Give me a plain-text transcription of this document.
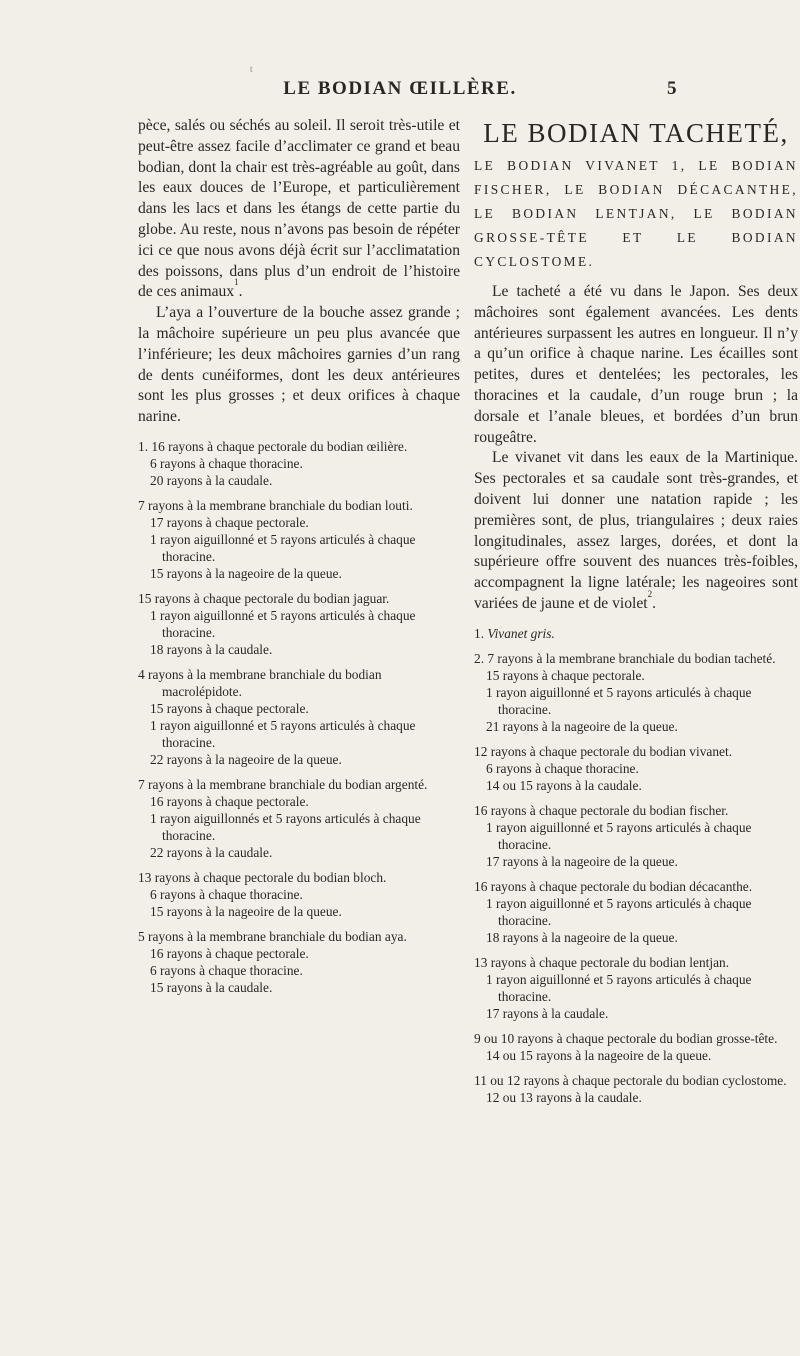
LE BODIAN ŒILLÈRE.	5
t

pèce, salés ou séchés au soleil. Il seroit très-utile et peut-être assez facile d’acclimater ce grand et beau bodian, dont la chair est très-agréable au goût, dans les eaux douces de l’Europe, et particulièrement dans les lacs et dans les étangs de cette partie du globe. Au reste, nous n’avons pas besoin de répéter ici ce que nous avons déjà écrit sur l’acclimatation des poissons, dans plus d’un endroit de l’histoire de ces animaux$^1$.

L’aya a l’ouverture de la bouche assez grande ; la mâchoire supérieure un peu plus avancée que l’inférieure; les deux mâchoires garnies d’un rang de dents cunéiformes, dont les deux antérieures sont les plus grosses ; et deux orifices à chaque narine.

1. 16 rayons à chaque pectorale du bodian œilière.

6 rayons à chaque thoracine.

20 rayons à la caudale.

7 rayons à la membrane branchiale du bodian louti.

17 rayons à chaque pectorale.

1 rayon aiguillonné et 5 rayons articulés à chaque thoracine.

15 rayons à la nageoire de la queue.

15 rayons à chaque pectorale du bodian jaguar.

1 rayon aiguillonné et 5 rayons articulés à chaque thoracine.

18 rayons à la caudale.

4 rayons à la membrane branchiale du bodian macrolépidote.

15 rayons à chaque pectorale.

1 rayon aiguillonné et 5 rayons articulés à chaque thoracine.

22 rayons à la nageoire de la queue.

7 rayons à la membrane branchiale du bodian argenté.

16 rayons à chaque pectorale.

1 rayon aiguillonnés et 5 rayons articulés à chaque thoracine.

22 rayons à la caudale.

13 rayons à chaque pectorale du bodian bloch.

6 rayons à chaque thoracine.

15 rayons à la nageoire de la queue.

5 rayons à la membrane branchiale du bodian aya.

16 rayons à chaque pectorale.

6 rayons à chaque thoracine.

15 rayons à la caudale.

LE BODIAN TACHETÉ,
LE BODIAN VIVANET 1, LE BODIAN FISCHER, LE BODIAN DÉCACANTHE, LE BODIAN LENTJAN, LE BODIAN GROSSE-TÊTE ET LE BODIAN CYCLOSTOME.

Le tacheté a été vu dans le Japon. Ses deux mâchoires sont également avancées. Les dents antérieures surpassent les autres en longueur. Il n’y a qu’un orifice à chaque narine. Les écailles sont petites, dures et dentelées; les pectorales, les thoracines et la caudale, d’un rouge brun ; la dorsale et l’anale bleues, et bordées d’un brun rougeâtre.

Le vivanet vit dans les eaux de la Martinique. Ses pectorales et sa caudale sont très-grandes, et doivent lui donner une natation rapide ; les premières sont, de plus, triangulaires ; deux raies longitudinales, assez larges, dorées, et dont la supérieure offre souvent des nuances très-foibles, accompagnent la ligne latérale; les nageoires sont variées de jaune et de violet$^2$.

1. Vivanet gris.

2. 7 rayons à la membrane branchiale du bodian tacheté.

15 rayons à chaque pectorale.

1 rayon aiguillonné et 5 rayons articulés à chaque thoracine.

21 rayons à la nageoire de la queue.

12 rayons à chaque pectorale du bodian vivanet.

6 rayons à chaque thoracine.

14 ou 15 rayons à la caudale.

16 rayons à chaque pectorale du bodian fischer.

1 rayon aiguillonné et 5 rayons articulés à chaque thoracine.

17 rayons à la nageoire de la queue.

16 rayons à chaque pectorale du bodian décacanthe.

1 rayon aiguillonné et 5 rayons articulés à chaque thoracine.

18 rayons à la nageoire de la queue.

13 rayons à chaque pectorale du bodian lentjan.

1 rayon aiguillonné et 5 rayons articulés à chaque thoracine.

17 rayons à la caudale.

9 ou 10 rayons à chaque pectorale du bodian grosse-tête.

14 ou 15 rayons à la nageoire de la queue.

11 ou 12 rayons à chaque pectorale du bodian cyclostome.

12 ou 13 rayons à la caudale.
